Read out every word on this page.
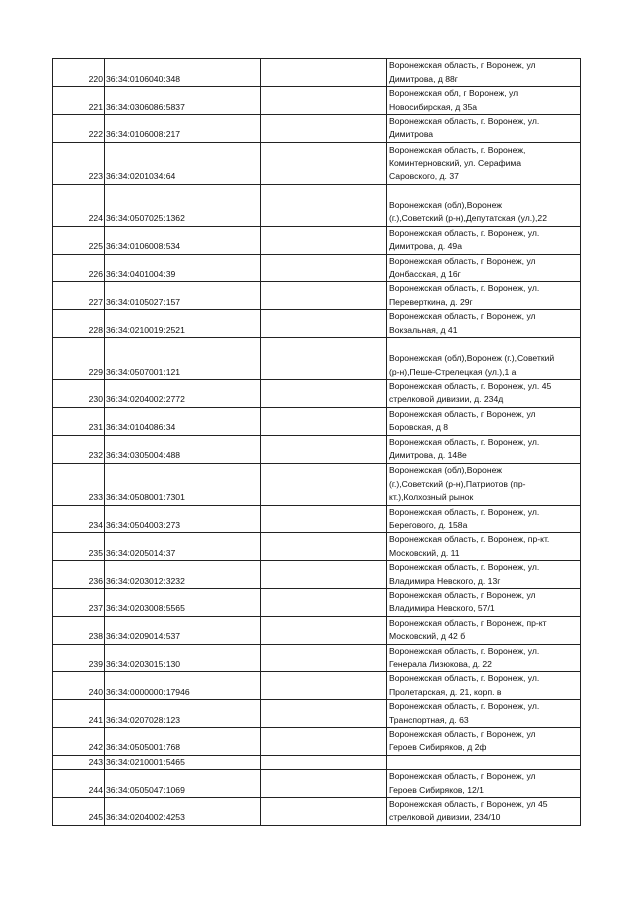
220	36:34:0106040:348		Воронежская область, г Воронеж, ул
Димитрова, д 88г
221	36:34:0306086:5837		Воронежская обл, г Воронеж, ул
Новосибирская, д 35а
222	36:34:0106008:217		Воронежская область, г. Воронеж, ул.
Димитрова
223	36:34:0201034:64		Воронежская область, г. Воронеж,
Коминтерновский, ул. Серафима
Саровского, д. 37
224	36:34:0507025:1362		Воронежская (обл),Воронеж
(г.),Советский (р-н),Депутатская (ул.),22
225	36:34:0106008:534		Воронежская область, г. Воронеж, ул.
Димитрова, д. 49а
226	36:34:0401004:39		Воронежская область, г Воронеж, ул
Донбасская, д 16г
227	36:34:0105027:157		Воронежская область, г. Воронеж, ул.
Переверткина, д. 29г
228	36:34:0210019:2521		Воронежская область, г Воронеж, ул
Вокзальная, д 41
229	36:34:0507001:121		Воронежская (обл),Воронеж (г.),Советкий
(р-н),Пеше-Стрелецкая (ул.),1 а
230	36:34:0204002:2772		Воронежская область, г. Воронеж, ул. 45
стрелковой дивизии, д. 234д
231	36:34:0104086:34		Воронежская область, г Воронеж, ул
Боровская, д 8
232	36:34:0305004:488		Воронежская область, г. Воронеж, ул.
Димитрова, д. 148е
233	36:34:0508001:7301		Воронежская (обл),Воронеж
(г.),Советский (р-н),Патриотов (пр-
кт.),Колхозный рынок
234	36:34:0504003:273		Воронежская область, г. Воронеж, ул.
Берегового, д. 158а
235	36:34:0205014:37		Воронежская область, г. Воронеж, пр-кт.
Московский, д. 11
236	36:34:0203012:3232		Воронежская область, г. Воронеж, ул.
Владимира Невского, д. 13г
237	36:34:0203008:5565		Воронежская область, г Воронеж, ул
Владимира Невского, 57/1
238	36:34:0209014:537		Воронежская область, г Воронеж, пр-кт
Московский, д 42 б
239	36:34:0203015:130		Воронежская область, г. Воронеж, ул.
Генерала Лизюкова, д. 22
240	36:34:0000000:17946		Воронежская область, г. Воронеж, ул.
Пролетарская, д. 21, корп. в
241	36:34:0207028:123		Воронежская область, г. Воронеж, ул.
Транспортная, д. 63
242	36:34:0505001:768		Воронежская область, г Воронеж, ул
Героев Сибиряков, д 2ф
243	36:34:0210001:5465		
244	36:34:0505047:1069		Воронежская область, г Воронеж, ул
Героев Сибиряков, 12/1
245	36:34:0204002:4253		Воронежская область, г Воронеж, ул 45
стрелковой дивизии, 234/10
